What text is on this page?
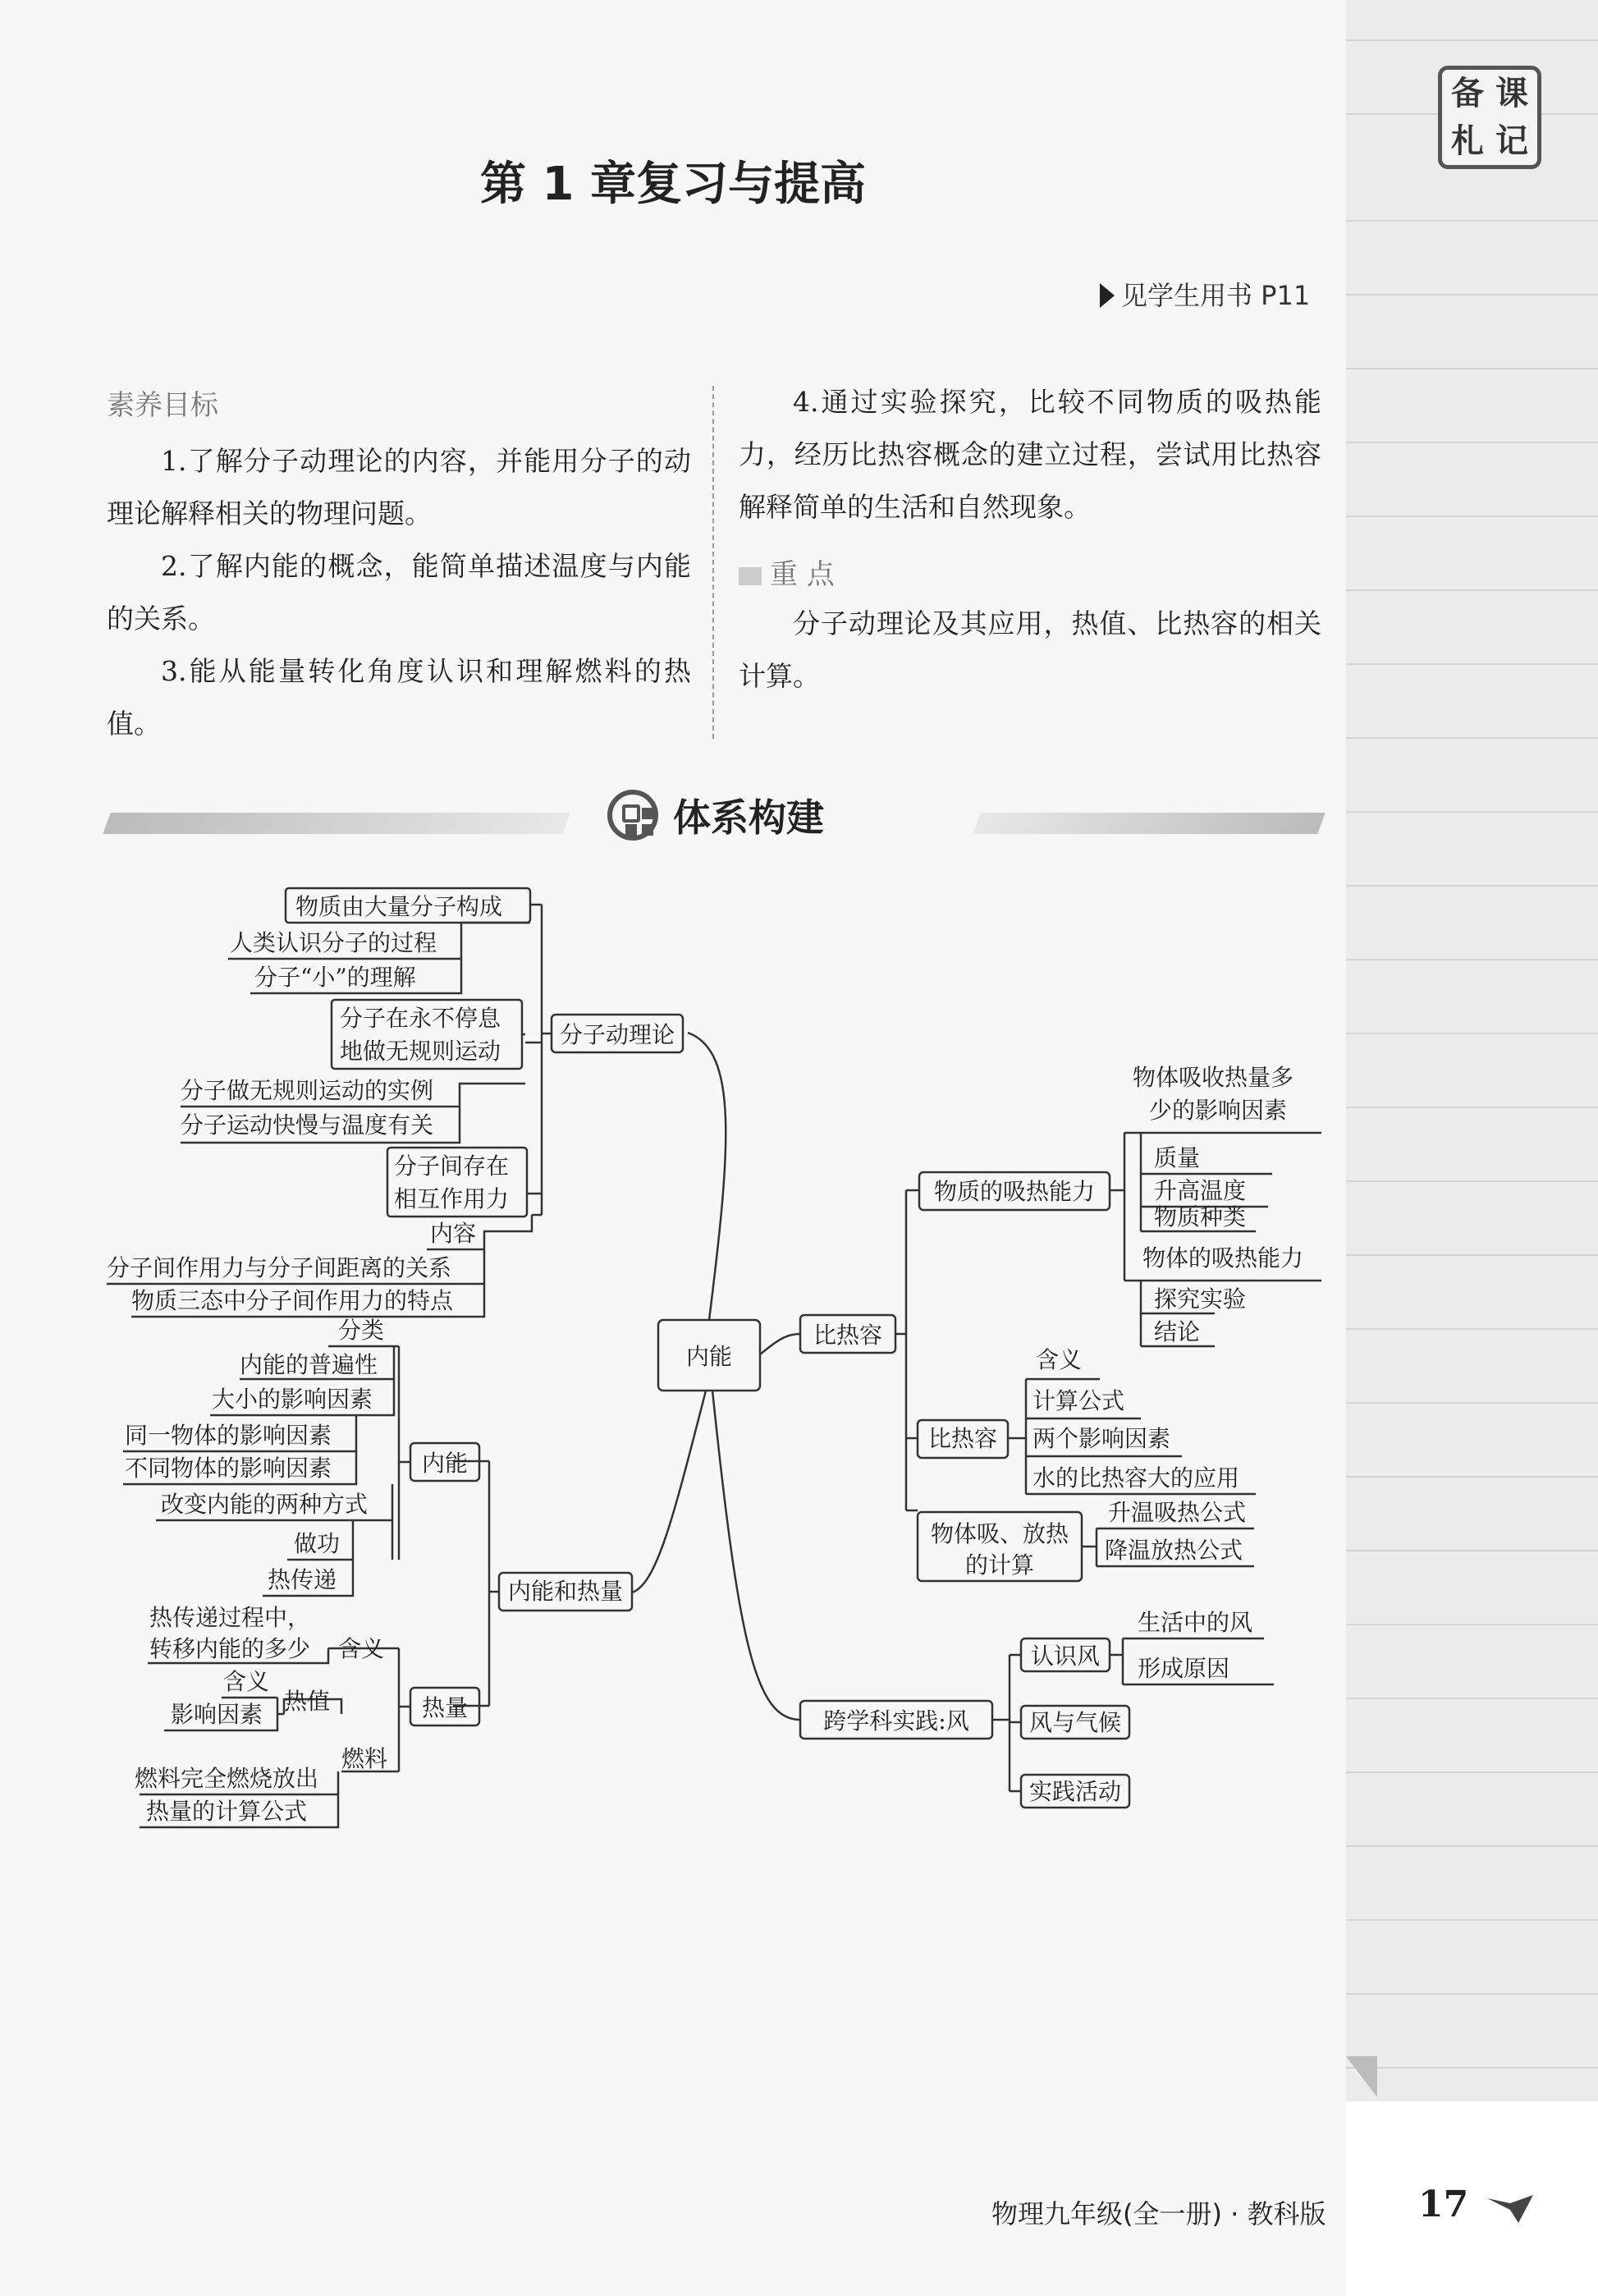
备 课
札 记
第 1 章复习与提高
见学生用书 P11
素养目标

1.了解分子动理论的内容，并能用分子的动理论解释相关的物理问题。

2.了解内能的概念，能简单描述温度与内能的关系。

3.能从能量转化角度认识和理解燃料的热值。

4.通过实验探究，比较不同物质的吸热能力，经历比热容概念的建立过程，尝试用比热容解释简单的生活和自然现象。

重 点

分子动理论及其应用，热值、比热容的相关计算。

体系构建
内能
分子动理论
物质由大量分子构成
人类认识分子的过程
分子“小”的理解
分子在永不停息
地做无规则运动
分子做无规则运动的实例
分子运动快慢与温度有关
分子间存在
相互作用力
内容
分子间作用力与分子间距离的关系
物质三态中分子间作用力的特点
内能和热量
内能
分类
内能的普遍性
大小的影响因素
同一物体的影响因素
不同物体的影响因素
改变内能的两种方式
做功
热传递
热量
热传递过程中，
转移内能的多少 含义
含义
影响因素 热值
燃料完全燃烧放出
热量的计算公式
燃料
比热容
物质的吸热能力
物体吸收热量多
少的影响因素
质量
升高温度
物质种类
物体的吸热能力
探究实验
结论
比热容
含义
计算公式
两个影响因素
水的比热容大的应用
物体吸、放热
的计算
升温吸热公式
降温放热公式
跨学科实践:风
认识风
生活中的风
形成原因
风与气候
实践活动
物理九年级(全一册) · 教科版	17
